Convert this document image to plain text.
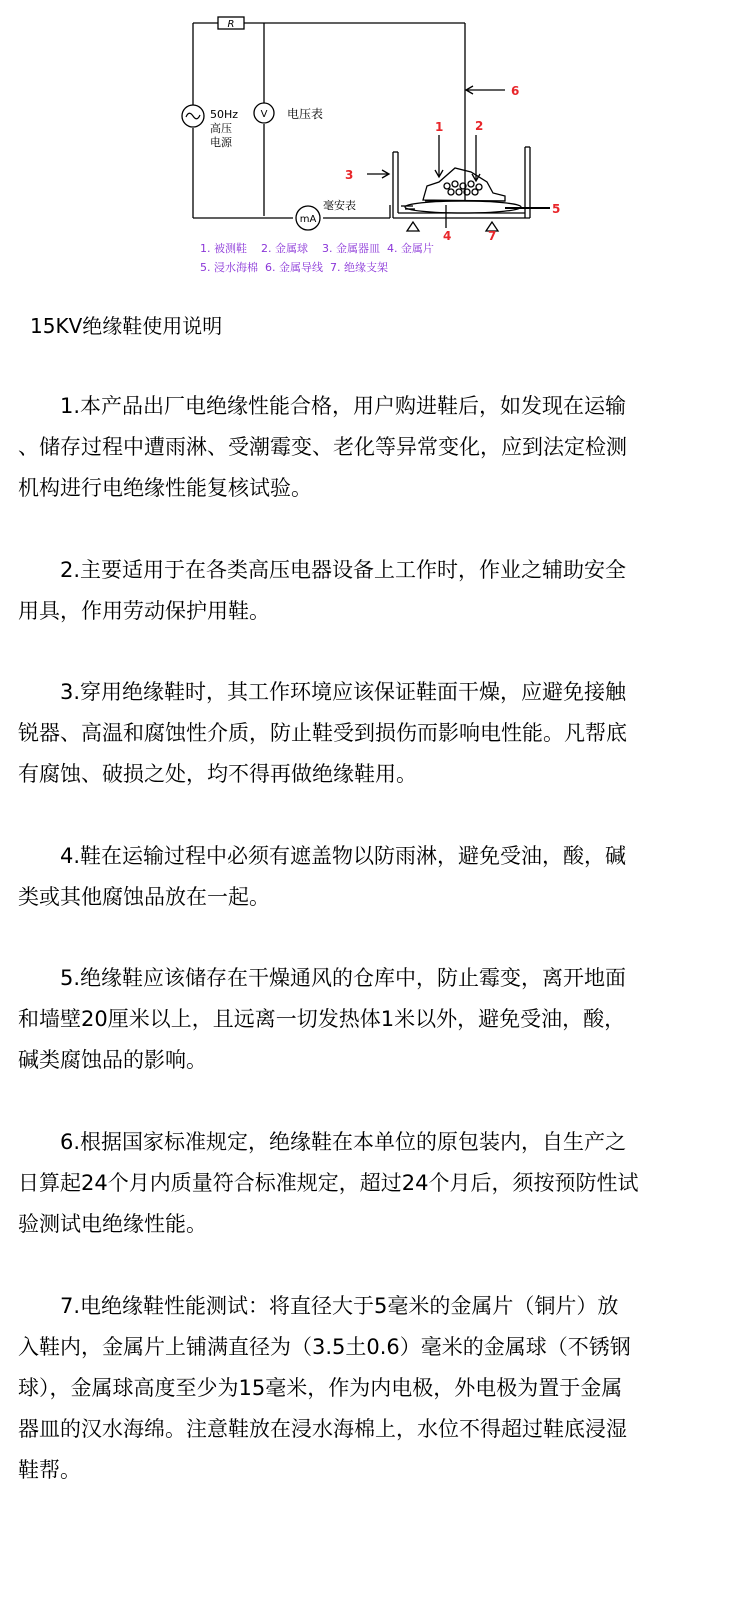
R
50Hz
高压
电源
V 电压表
mA
毫安表
1	2
3
4
5
6
7
1. 被测鞋    2. 金属球    3. 金属器皿  4. 金属片
5. 浸水海棉  6. 金属导线  7. 绝缘支架
15KV绝缘鞋使用说明
　　1.本产品出厂电绝缘性能合格，用户购进鞋后，如发现在运输
、储存过程中遭雨淋、受潮霉变、老化等异常变化，应到法定检测
机构进行电绝缘性能复核试验。
　　2.主要适用于在各类高压电器设备上工作时，作业之辅助安全
用具，作用劳动保护用鞋。
　　3.穿用绝缘鞋时，其工作环境应该保证鞋面干燥，应避免接触
锐器、高温和腐蚀性介质，防止鞋受到损伤而影响电性能。凡帮底
有腐蚀、破损之处，均不得再做绝缘鞋用。
　　4.鞋在运输过程中必须有遮盖物以防雨淋，避免受油，酸，碱
类或其他腐蚀品放在一起。
　　5.绝缘鞋应该储存在干燥通风的仓库中，防止霉变，离开地面
和墙壁20厘米以上，且远离一切发热体1米以外，避免受油，酸，
碱类腐蚀品的影响。
　　6.根据国家标准规定，绝缘鞋在本单位的原包装内，自生产之
日算起24个月内质量符合标准规定，超过24个月后，须按预防性试
验测试电绝缘性能。
　　7.电绝缘鞋性能测试：将直径大于5毫米的金属片（铜片）放
入鞋内，金属片上铺满直径为（3.5土0.6）毫米的金属球（不锈钢
球），金属球高度至少为15毫米，作为内电极，外电极为置于金属
器皿的汉水海绵。注意鞋放在浸水海棉上，水位不得超过鞋底浸湿
鞋帮。
